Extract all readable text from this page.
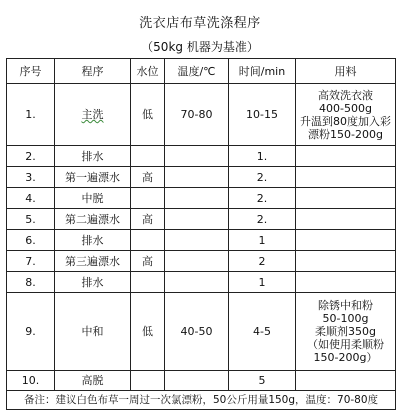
洗衣店布草洗涤程序
（50kg 机器为基准）
序号	程序	水位	温度/℃	时间/min	用料
1.	主洗	低	70-80	10-15	高效洗衣液
400-500g
升温到80度加入彩
漂粉150-200g

2.	排水			1.	
3.	第一遍漂水	高		2.	
4.	中脱			2.	
5.	第二遍漂水	高		2.	
6.	排水			1	
7.	第三遍漂水	高		2	
8.	排水			1	
9.	中和	低	40-50	4-5	除锈中和粉
50-100g
柔顺剂350g
（如使用柔顺粉
150-200g）

10.	高脱			5	
备注：建议白色布草一周过一次氯漂粉，50公斤用量150g，温度：70-80度					
